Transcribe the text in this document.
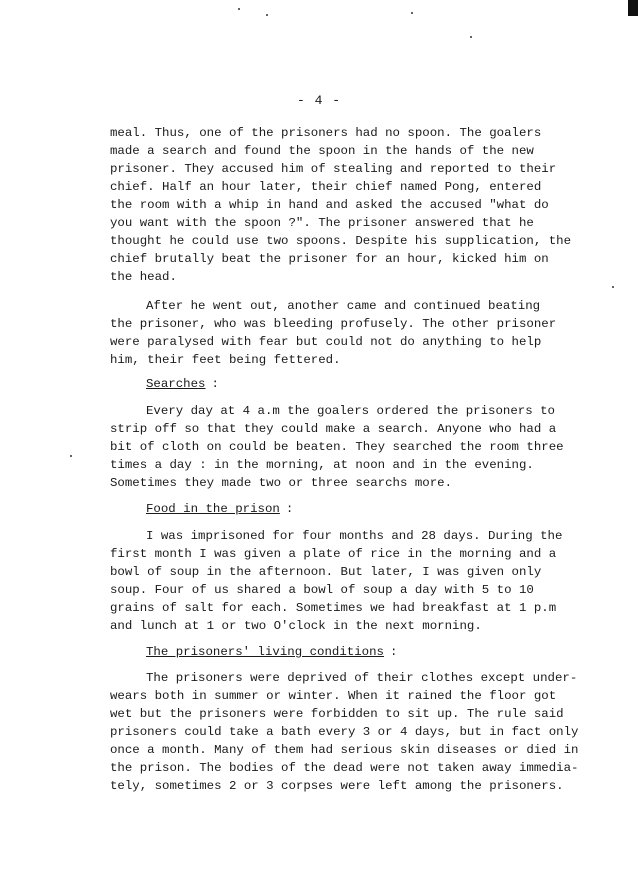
- 4 -
meal. Thus, one of the prisoners had no spoon. The goalers
made a search and found the spoon in the hands of the new
prisoner. They accused him of stealing and reported to their
chief. Half an hour later, their chief named Pong, entered
the room with a whip in hand and asked the accused "what do
you want with the spoon ?". The prisoner answered that he
thought he could use two spoons. Despite his supplication, the
chief brutally beat the prisoner for an hour, kicked him on
the head.
After he went out, another came and continued beating
the prisoner, who was bleeding profusely. The other prisoner
were paralysed with fear but could not do anything to help
him, their feet being fettered.
Searches :
Every day at 4 a.m the goalers ordered the prisoners to
strip off so that they could make a search. Anyone who had a
bit of cloth on could be beaten. They searched the room three
times a day : in the morning, at noon and in the evening.
Sometimes they made two or three searchs more.
Food in the prison :
I was imprisoned for four months and 28 days. During the
first month I was given a plate of rice in the morning and a
bowl of soup in the afternoon. But later, I was given only
soup. Four of us shared a bowl of soup a day with 5 to 10
grains of salt for each. Sometimes we had breakfast at 1 p.m
and lunch at 1 or two O'clock in the next morning.
The prisoners' living conditions :
The prisoners were deprived of their clothes except under-
wears both in summer or winter. When it rained the floor got
wet but the prisoners were forbidden to sit up. The rule said
prisoners could take a bath every 3 or 4 days, but in fact only
once a month. Many of them had serious skin diseases or died in
the prison. The bodies of the dead were not taken away immedia-
tely, sometimes 2 or 3 corpses were left among the prisoners.
